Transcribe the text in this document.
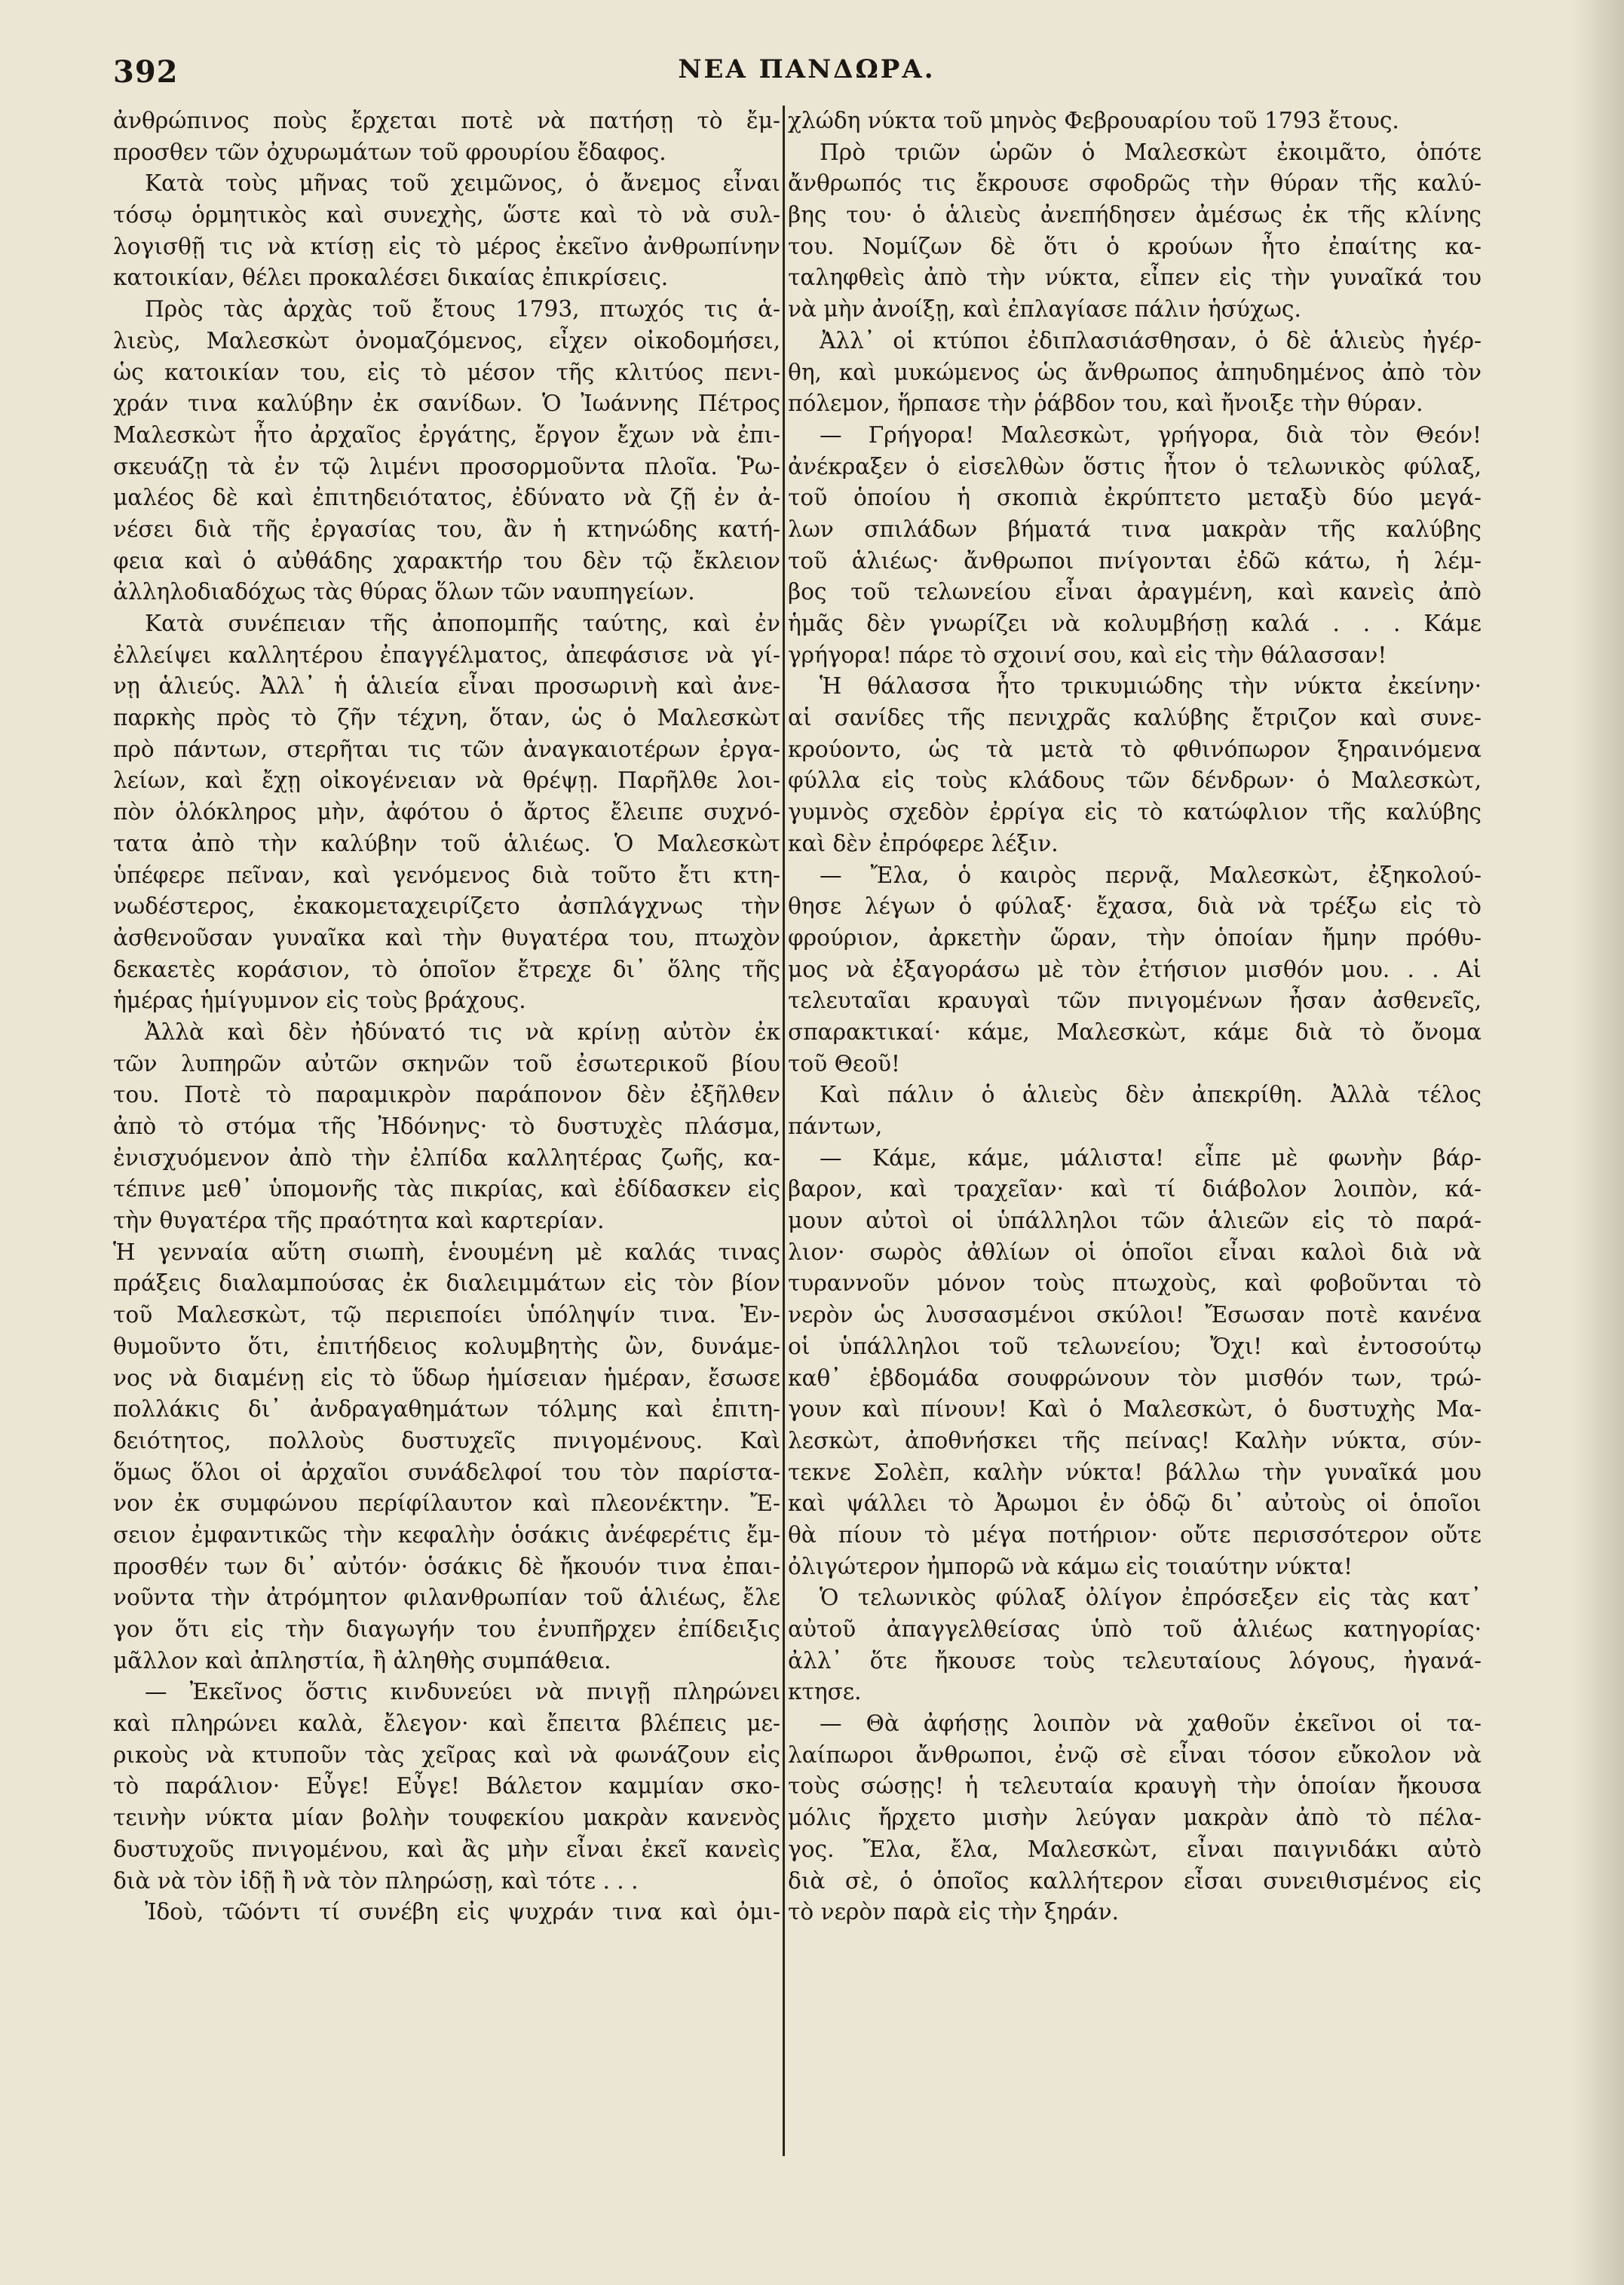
ΝΕΑ ΠΑΝΔΩΡΑ.
392
ἀνθρώπινος ποὺς ἔρχεται ποτὲ νὰ πατήσῃ τὸ ἔμ-
προσθεν τῶν ὀχυρωμάτων τοῦ φρουρίου ἔδαφος.
Κατὰ τοὺς μῆνας τοῦ χειμῶνος, ὁ ἄνεμος εἶναι
τόσῳ ὁρμητικὸς καὶ συνεχὴς, ὥστε καὶ τὸ νὰ συλ-
λογισθῇ τις νὰ κτίσῃ εἰς τὸ μέρος ἐκεῖνο ἀνθρωπίνην
κατοικίαν, θέλει προκαλέσει δικαίας ἐπικρίσεις.
Πρὸς τὰς ἀρχὰς τοῦ ἔτους 1793, πτωχός τις ἁ-
λιεὺς, Μαλεσκὼτ ὀνομαζόμενος, εἶχεν οἰκοδομήσει,
ὡς κατοικίαν του, εἰς τὸ μέσον τῆς κλιτύος πενι-
χράν τινα καλύβην ἐκ σανίδων. Ὁ Ἰωάννης Πέτρος
Μαλεσκὼτ ἦτο ἀρχαῖος ἐργάτης, ἔργον ἔχων νὰ ἐπι-
σκευάζῃ τὰ ἐν τῷ λιμένι προσορμοῦντα πλοῖα. Ῥω-
μαλέος δὲ καὶ ἐπιτηδειότατος, ἐδύνατο νὰ ζῇ ἐν ἀ-
νέσει διὰ τῆς ἐργασίας του, ἂν ἡ κτηνώδης κατή-
φεια καὶ ὁ αὐθάδης χαρακτήρ του δὲν τῷ ἔκλειον
ἀλληλοδιαδόχως τὰς θύρας ὅλων τῶν ναυπηγείων.
Κατὰ συνέπειαν τῆς ἀποπομπῆς ταύτης, καὶ ἐν
ἐλλείψει καλλητέρου ἐπαγγέλματος, ἀπεφάσισε νὰ γί-
νῃ ἁλιεύς. Ἀλλ᾿ ἡ ἁλιεία εἶναι προσωρινὴ καὶ ἀνε-
παρκὴς πρὸς τὸ ζῆν τέχνη, ὅταν, ὡς ὁ Μαλεσκὼτ
πρὸ πάντων, στερῆται τις τῶν ἀναγκαιοτέρων ἐργα-
λείων, καὶ ἔχῃ οἰκογένειαν νὰ θρέψῃ. Παρῆλθε λοι-
πὸν ὁλόκληρος μὴν, ἀφότου ὁ ἄρτος ἔλειπε συχνό-
τατα ἀπὸ τὴν καλύβην τοῦ ἁλιέως. Ὁ Μαλεσκὼτ
ὑπέφερε πεῖναν, καὶ γενόμενος διὰ τοῦτο ἔτι κτη-
νωδέστερος, ἐκακομεταχειρίζετο ἀσπλάγχνως τὴν
ἀσθενοῦσαν γυναῖκα καὶ τὴν θυγατέρα του, πτωχὸν
δεκαετὲς κοράσιον, τὸ ὁποῖον ἔτρεχε δι᾿ ὅλης τῆς
ἡμέρας ἡμίγυμνον εἰς τοὺς βράχους.
Ἀλλὰ καὶ δὲν ἠδύνατό τις νὰ κρίνῃ αὐτὸν ἐκ
τῶν λυπηρῶν αὐτῶν σκηνῶν τοῦ ἐσωτερικοῦ βίου
του. Ποτὲ τὸ παραμικρὸν παράπονον δὲν ἐξῆλθεν
ἀπὸ τὸ στόμα τῆς Ἠδόνηνς· τὸ δυστυχὲς πλάσμα,
ἐνισχυόμενον ἀπὸ τὴν ἐλπίδα καλλητέρας ζωῆς, κα-
τέπινε μεθ᾿ ὑπομονῆς τὰς πικρίας, καὶ ἐδίδασκεν εἰς
τὴν θυγατέρα τῆς πραότητα καὶ καρτερίαν.
Ἡ γενναία αὕτη σιωπὴ, ἑνουμένη μὲ καλάς τινας
πράξεις διαλαμπούσας ἐκ διαλειμμάτων εἰς τὸν βίον
τοῦ Μαλεσκὼτ, τῷ περιεποίει ὑπόληψίν τινα. Ἐν-
θυμοῦντο ὅτι, ἐπιτήδειος κολυμβητὴς ὢν, δυνάμε-
νος νὰ διαμένῃ εἰς τὸ ὕδωρ ἡμίσειαν ἡμέραν, ἔσωσε
πολλάκις δι᾿ ἀνδραγαθημάτων τόλμης καὶ ἐπιτη-
δειότητος, πολλοὺς δυστυχεῖς πνιγομένους. Καὶ
ὅμως ὅλοι οἱ ἀρχαῖοι συνάδελφοί του τὸν παρίστα-
νον ἐκ συμφώνου περίφίλαυτον καὶ πλεονέκτην. Ἔ-
σειον ἐμφαντικῶς τὴν κεφαλὴν ὁσάκις ἀνέφερέτις ἔμ-
προσθέν των δι᾿ αὐτόν· ὁσάκις δὲ ἤκουόν τινα ἐπαι-
νοῦντα τὴν ἀτρόμητον φιλανθρωπίαν τοῦ ἁλιέως, ἔλε
γον ὅτι εἰς τὴν διαγωγήν του ἐνυπῆρχεν ἐπίδειξις
μᾶλλον καὶ ἀπληστία, ἢ ἀληθὴς συμπάθεια.
— Ἐκεῖνος ὅστις κινδυνεύει νὰ πνιγῇ πληρώνει
καὶ πληρώνει καλὰ, ἔλεγον· καὶ ἔπειτα βλέπεις με-
ρικοὺς νὰ κτυποῦν τὰς χεῖρας καὶ νὰ φωνάζουν εἰς
τὸ παράλιον· Εὖγε! Εὖγε! Βάλετον καμμίαν σκο-
τεινὴν νύκτα μίαν βολὴν τουφεκίου μακρὰν κανενὸς
δυστυχοῦς πνιγομένου, καὶ ἂς μὴν εἶναι ἐκεῖ κανεὶς
διὰ νὰ τὸν ἰδῇ ἢ νὰ τὸν πληρώσῃ, καὶ τότε . . .
Ἰδοὺ, τῶόντι τί συνέβη εἰς ψυχράν τινα καὶ ὀμι-
χλώδη νύκτα τοῦ μηνὸς Φεβρουαρίου τοῦ 1793 ἔτους.
Πρὸ τριῶν ὡρῶν ὁ Μαλεσκὼτ ἐκοιμᾶτο, ὁπότε
ἄνθρωπός τις ἔκρουσε σφοδρῶς τὴν θύραν τῆς καλύ-
βης του· ὁ ἁλιεὺς ἀνεπήδησεν ἀμέσως ἐκ τῆς κλίνης
του. Νομίζων δὲ ὅτι ὁ κρούων ἦτο ἐπαίτης κα-
ταληφθεὶς ἀπὸ τὴν νύκτα, εἶπεν εἰς τὴν γυναῖκά του
νὰ μὴν ἀνοίξῃ, καὶ ἐπλαγίασε πάλιν ἡσύχως.
Ἀλλ᾿ οἱ κτύποι ἐδιπλασιάσθησαν, ὁ δὲ ἁλιεὺς ἠγέρ-
θη, καὶ μυκώμενος ὡς ἄνθρωπος ἀπηυδημένος ἀπὸ τὸν
πόλεμον, ἥρπασε τὴν ῥάβδον του, καὶ ἤνοιξε τὴν θύραν.
— Γρήγορα! Μαλεσκὼτ, γρήγορα, διὰ τὸν Θεόν!
ἀνέκραξεν ὁ εἰσελθὼν ὅστις ἦτον ὁ τελωνικὸς φύλαξ,
τοῦ ὁποίου ἡ σκοπιὰ ἐκρύπτετο μεταξὺ δύο μεγά-
λων σπιλάδων βήματά τινα μακρὰν τῆς καλύβης
τοῦ ἁλιέως· ἄνθρωποι πνίγονται ἐδῶ κάτω, ἡ λέμ-
βος τοῦ τελωνείου εἶναι ἀραγμένη, καὶ κανεὶς ἀπὸ
ἡμᾶς δὲν γνωρίζει νὰ κολυμβήσῃ καλά . . . Κάμε
γρήγορα! πάρε τὸ σχοινί σου, καὶ εἰς τὴν θάλασσαν!
Ἡ θάλασσα ἦτο τρικυμιώδης τὴν νύκτα ἐκείνην·
αἱ σανίδες τῆς πενιχρᾶς καλύβης ἔτριζον καὶ συνε-
κρούοντο, ὡς τὰ μετὰ τὸ φθινόπωρον ξηραινόμενα
φύλλα εἰς τοὺς κλάδους τῶν δένδρων· ὁ Μαλεσκὼτ,
γυμνὸς σχεδὸν ἐρρίγα εἰς τὸ κατώφλιον τῆς καλύβης
καὶ δὲν ἐπρόφερε λέξιν.
— Ἔλα, ὁ καιρὸς περνᾷ, Μαλεσκὼτ, ἐξηκολού-
θησε λέγων ὁ φύλαξ· ἔχασα, διὰ νὰ τρέξω εἰς τὸ
φρούριον, ἀρκετὴν ὥραν, τὴν ὁποίαν ἤμην πρόθυ-
μος νὰ ἐξαγοράσω μὲ τὸν ἐτήσιον μισθόν μου. . . Αἱ
τελευταῖαι κραυγαὶ τῶν πνιγομένων ἦσαν ἀσθενεῖς,
σπαρακτικαί· κάμε, Μαλεσκὼτ, κάμε διὰ τὸ ὄνομα
τοῦ Θεοῦ!
Καὶ πάλιν ὁ ἁλιεὺς δὲν ἀπεκρίθη. Ἀλλὰ τέλος
πάντων,
— Κάμε, κάμε, μάλιστα! εἶπε μὲ φωνὴν βάρ-
βαρον, καὶ τραχεῖαν· καὶ τί διάβολον λοιπὸν, κά-
μουν αὐτοὶ οἱ ὑπάλληλοι τῶν ἁλιεῶν εἰς τὸ παρά-
λιον· σωρὸς ἀθλίων οἱ ὁποῖοι εἶναι καλοὶ διὰ νὰ
τυραννοῦν μόνον τοὺς πτωχοὺς, καὶ φοβοῦνται τὸ
νερὸν ὡς λυσσασμένοι σκύλοι! Ἔσωσαν ποτὲ κανένα
οἱ ὑπάλληλοι τοῦ τελωνείου; Ὄχι! καὶ ἐντοσούτῳ
καθ᾿ ἑβδομάδα σουφρώνουν τὸν μισθόν των, τρώ-
γουν καὶ πίνουν! Καὶ ὁ Μαλεσκὼτ, ὁ δυστυχὴς Μα-
λεσκὼτ, ἀποθνήσκει τῆς πείνας! Καλὴν νύκτα, σύν-
τεκνε Σολὲπ, καλὴν νύκτα! βάλλω τὴν γυναῖκά μου
καὶ ψάλλει τὸ Ἀρωμοι ἐν ὁδῷ δι᾿ αὐτοὺς οἱ ὁποῖοι
θὰ πίουν τὸ μέγα ποτήριον· οὔτε περισσότερον οὔτε
ὀλιγώτερον ἠμπορῶ νὰ κάμω εἰς τοιαύτην νύκτα!
Ὁ τελωνικὸς φύλαξ ὀλίγον ἐπρόσεξεν εἰς τὰς κατ᾿
αὐτοῦ ἀπαγγελθείσας ὑπὸ τοῦ ἁλιέως κατηγορίας·
ἀλλ᾿ ὅτε ἤκουσε τοὺς τελευταίους λόγους, ἠγανά-
κτησε.
— Θὰ ἀφήσῃς λοιπὸν νὰ χαθοῦν ἐκεῖνοι οἱ τα-
λαίπωροι ἄνθρωποι, ἐνῷ σὲ εἶναι τόσον εὔκολον νὰ
τοὺς σώσῃς! ἡ τελευταία κραυγὴ τὴν ὁποίαν ἤκουσα
μόλις ἤρχετο μισὴν λεύγαν μακρὰν ἀπὸ τὸ πέλα-
γος. Ἔλα, ἔλα, Μαλεσκὼτ, εἶναι παιγνιδάκι αὐτὸ
διὰ σὲ, ὁ ὁποῖος καλλήτερον εἶσαι συνειθισμένος εἰς
τὸ νερὸν παρὰ εἰς τὴν ξηράν.
